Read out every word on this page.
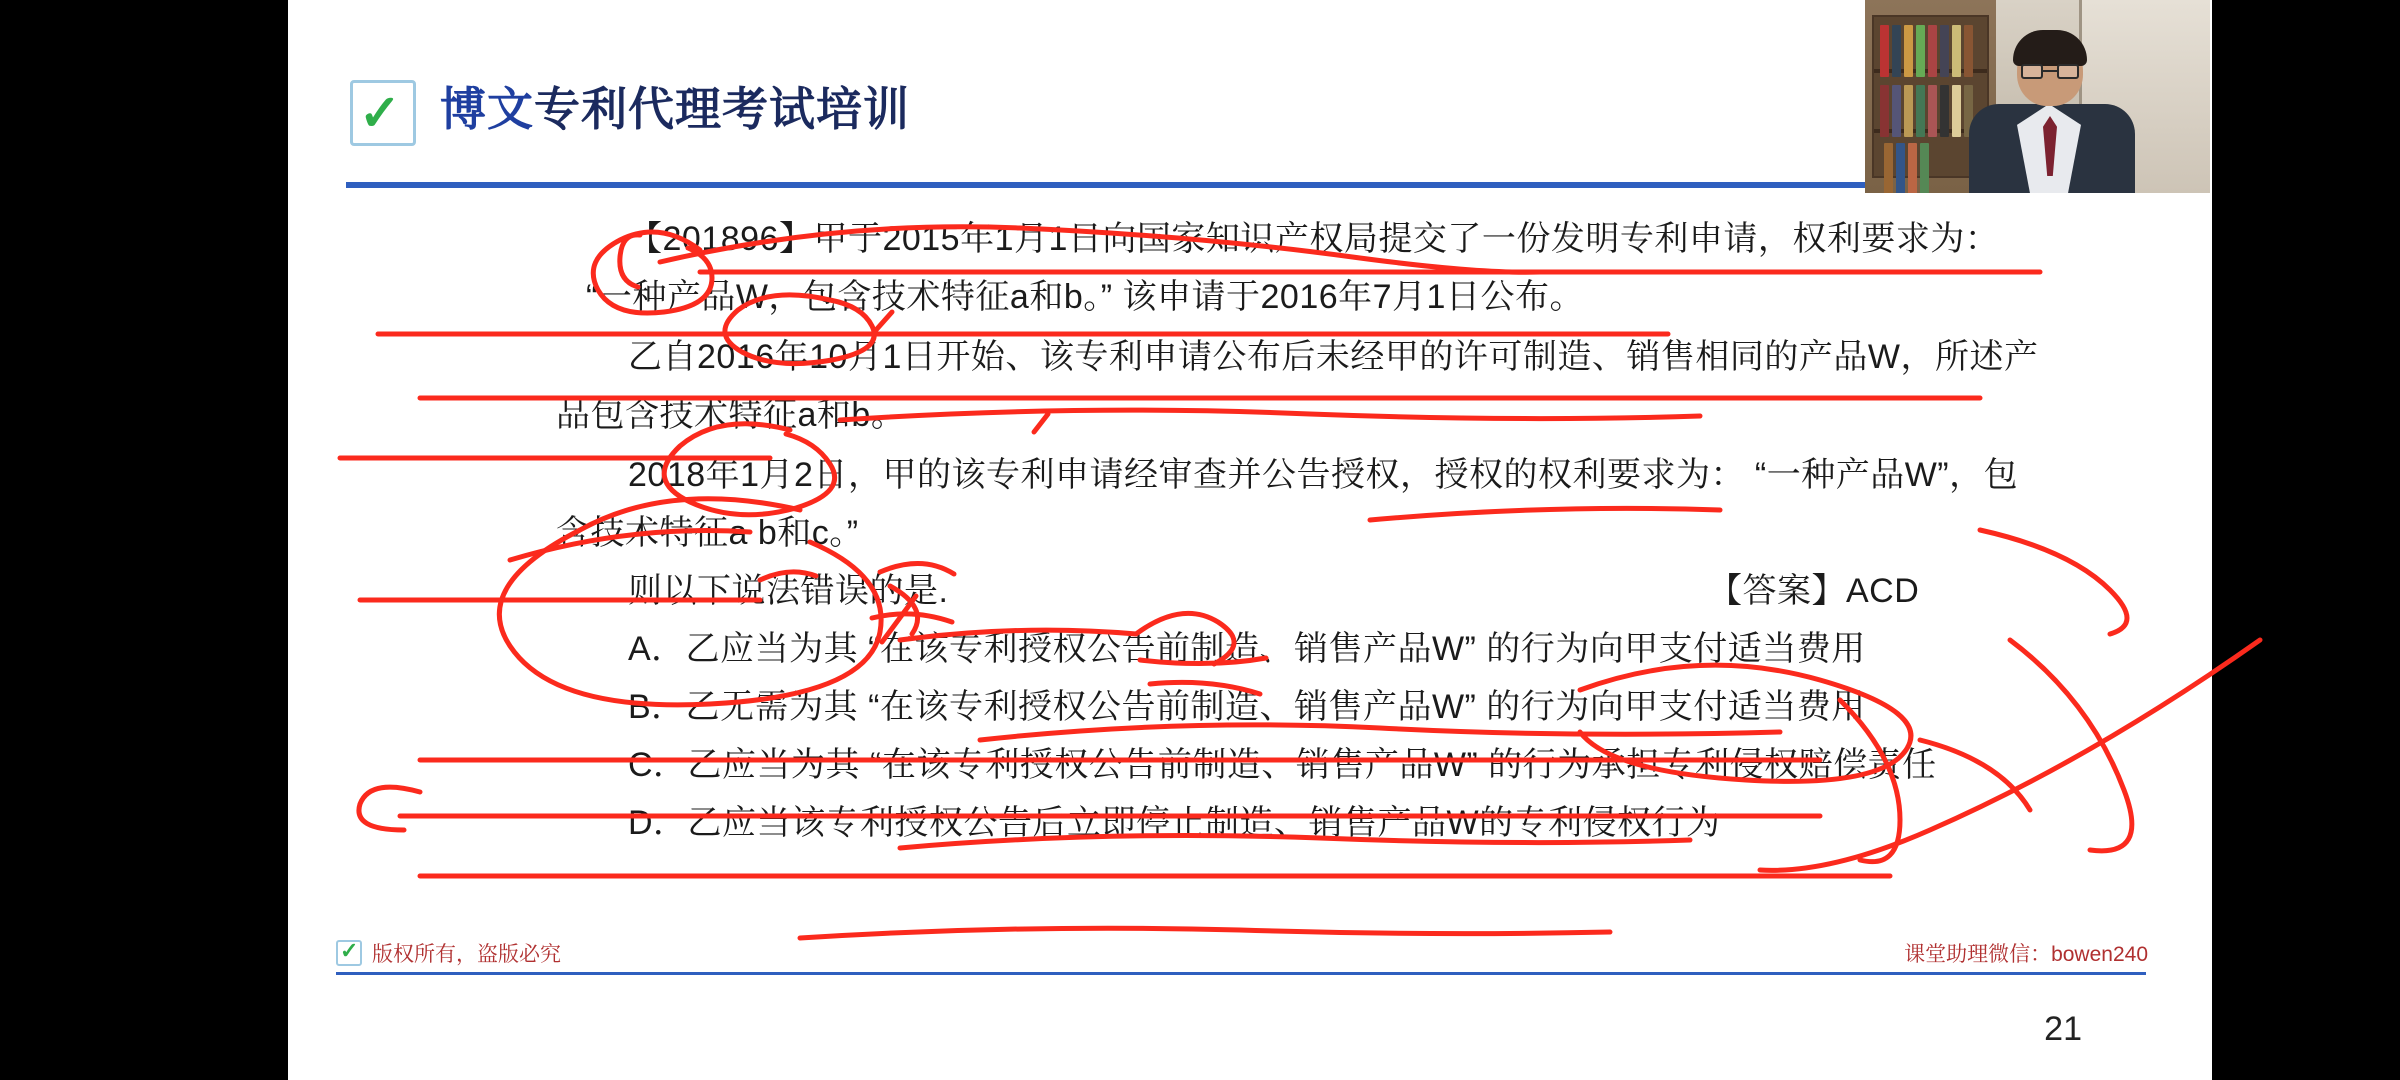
✓ 博文专利代理考试培训
【201896】甲于2015年1月1日向国家知识产权局提交了一份发明专利申请，权利要求为：
“一种产品W，包含技术特征a和b。” 该申请于2016年7月1日公布。
乙自2016年10月1日开始、该专利申请公布后未经甲的许可制造、销售相同的产品W，所述产
品包含技术特征a和b。
2018年1月2日，甲的该专利申请经审查并公告授权，授权的权利要求为： “一种产品W”，包
含技术特征a b和c。”
则以下说法错误的是.
A．乙应当为其 “在该专利授权公告前制造、销售产品W” 的行为向甲支付适当费用
B．乙无需为其 “在该专利授权公告前制造、销售产品W” 的行为向甲支付适当费用
C．乙应当为其 “在该专利授权公告前制造、销售产品W” 的行为承担专利侵权赔偿责任
D．乙应当该专利授权公告后立即停止制造、销售产品W的专利侵权行为
【答案】ACD
✓ 版权所有，盗版必究	课堂助理微信：bowen240
21
